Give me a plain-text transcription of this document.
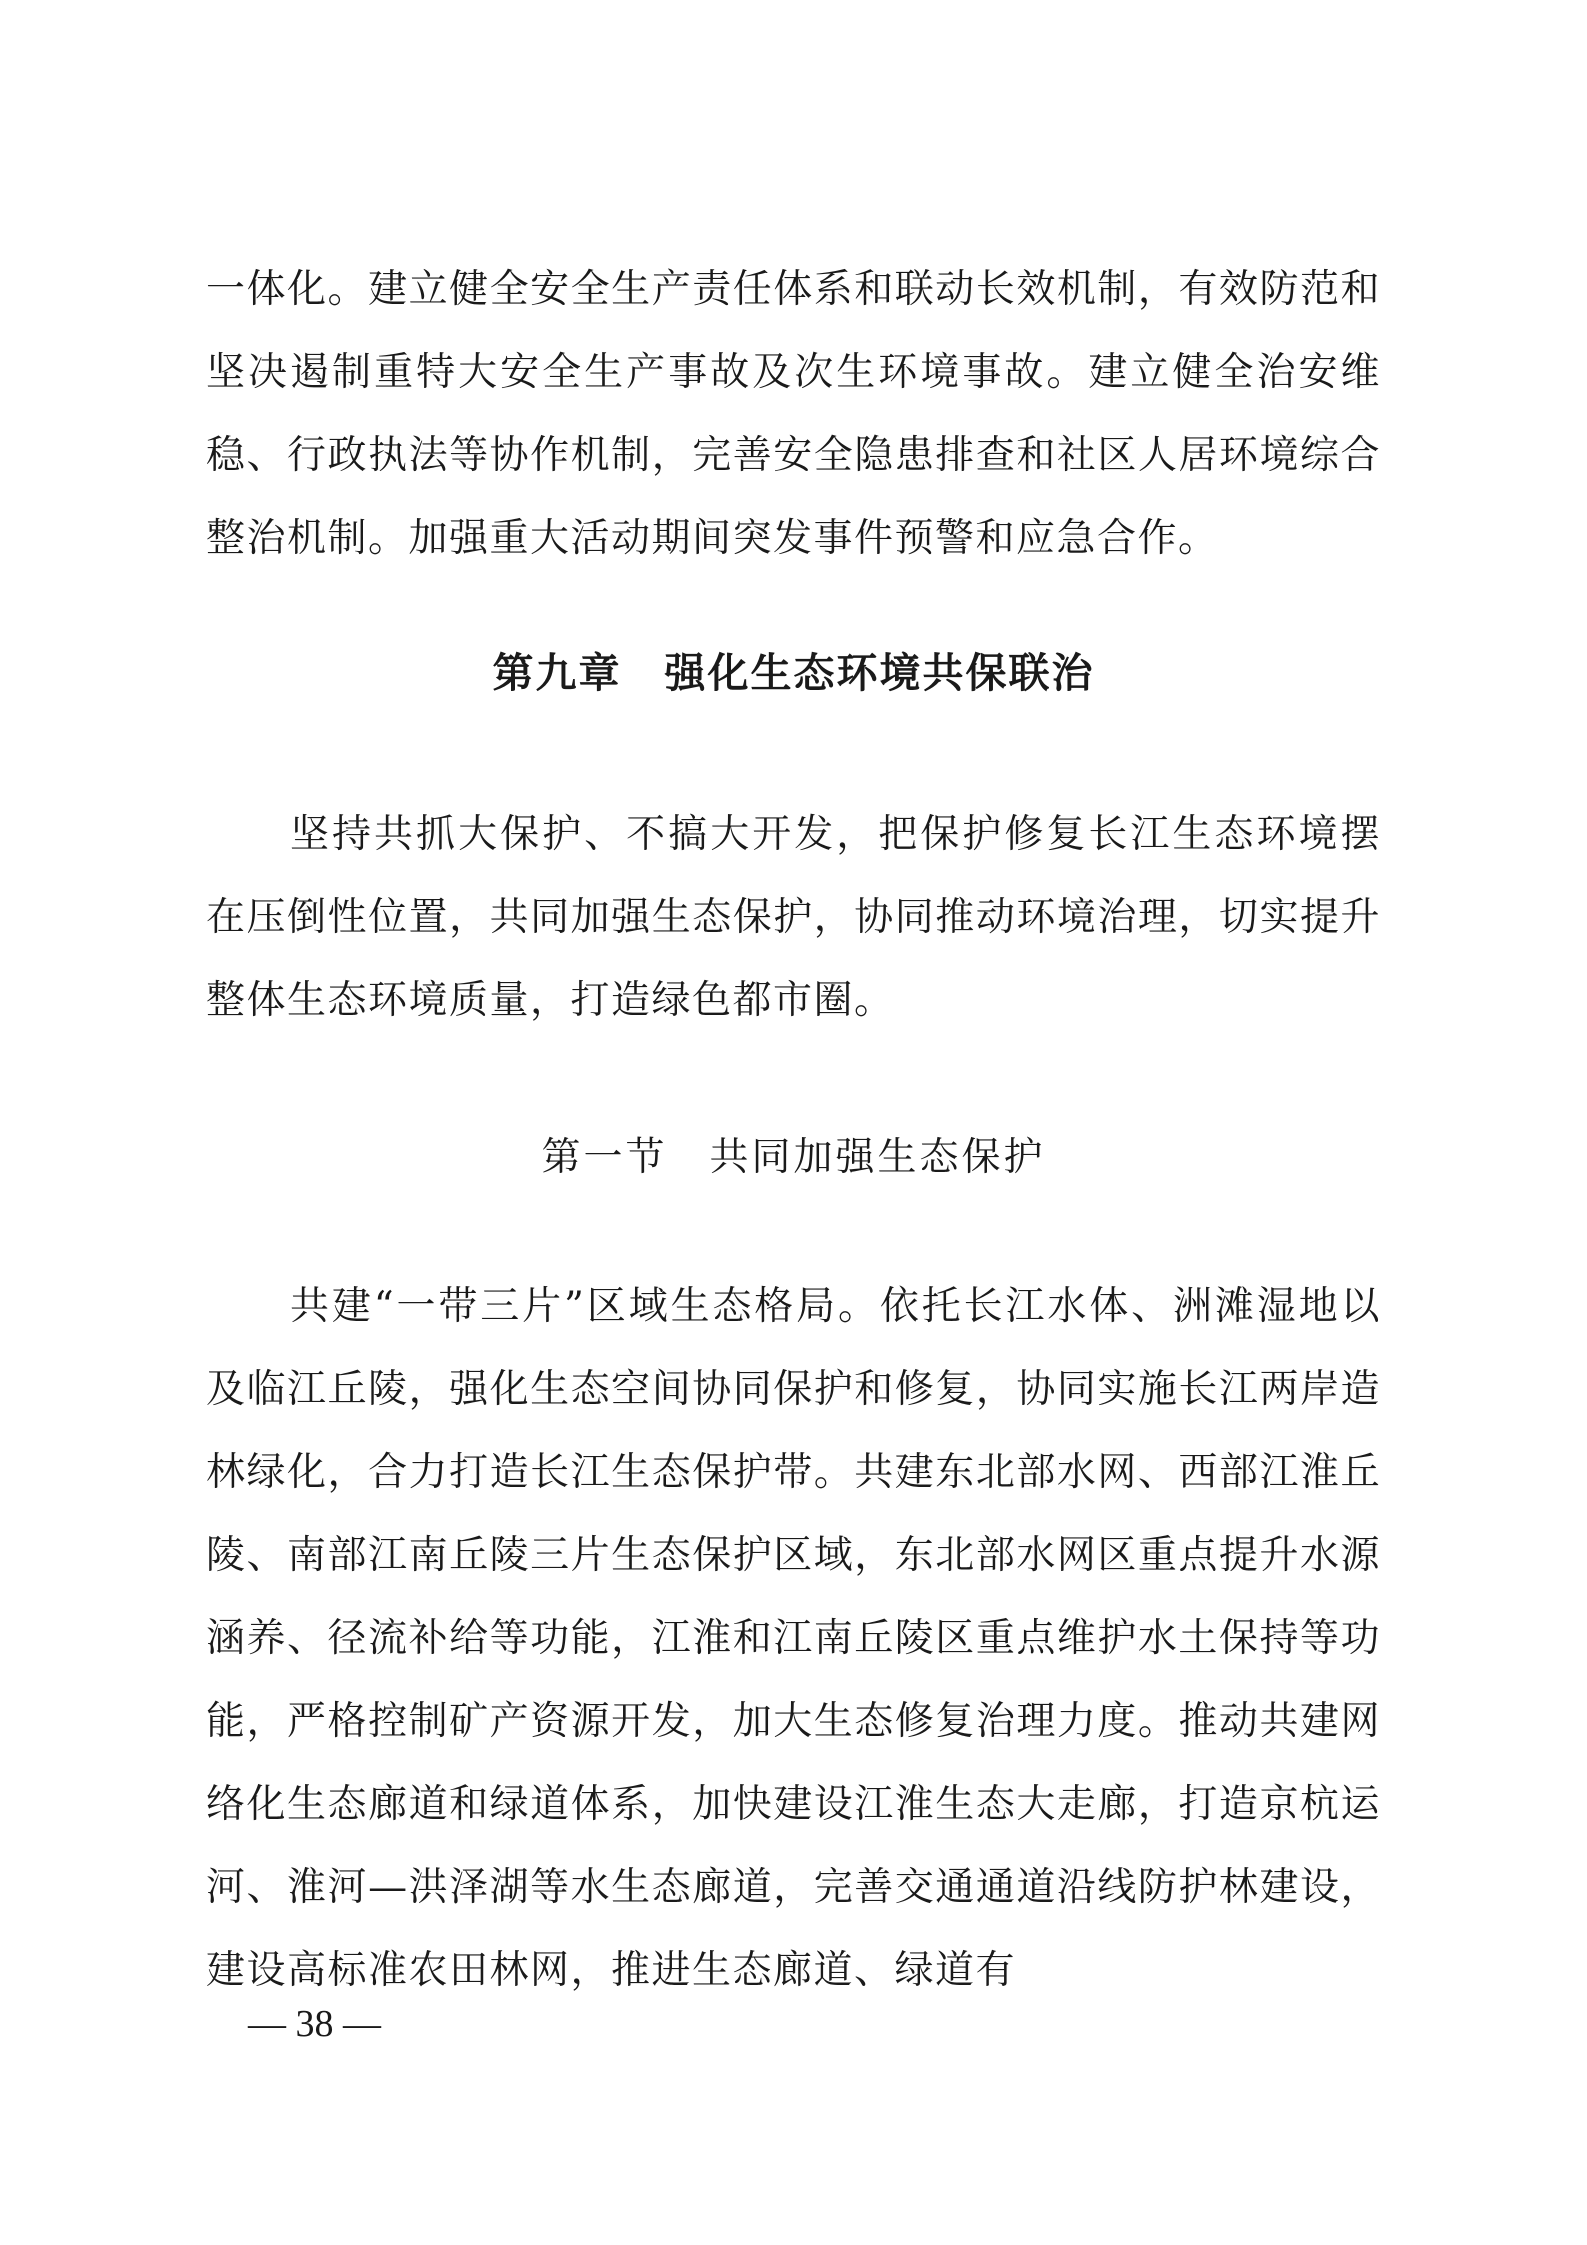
一体化。建立健全安全生产责任体系和联动长效机制，有效防范和坚决遏制重特大安全生产事故及次生环境事故。建立健全治安维稳、行政执法等协作机制，完善安全隐患排查和社区人居环境综合整治机制。加强重大活动期间突发事件预警和应急合作。

第九章　强化生态环境共保联治

坚持共抓大保护、不搞大开发，把保护修复长江生态环境摆在压倒性位置，共同加强生态保护，协同推动环境治理，切实提升整体生态环境质量，打造绿色都市圈。

第一节　共同加强生态保护

共建“一带三片”区域生态格局。依托长江水体、洲滩湿地以及临江丘陵，强化生态空间协同保护和修复，协同实施长江两岸造林绿化，合力打造长江生态保护带。共建东北部水网、西部江淮丘陵、南部江南丘陵三片生态保护区域，东北部水网区重点提升水源涵养、径流补给等功能，江淮和江南丘陵区重点维护水土保持等功能，严格控制矿产资源开发，加大生态修复治理力度。推动共建网络化生态廊道和绿道体系，加快建设江淮生态大走廊，打造京杭运河、淮河—洪泽湖等水生态廊道，完善交通通道沿线防护林建设，建设高标准农田林网，推进生态廊道、绿道有

— 38 —
